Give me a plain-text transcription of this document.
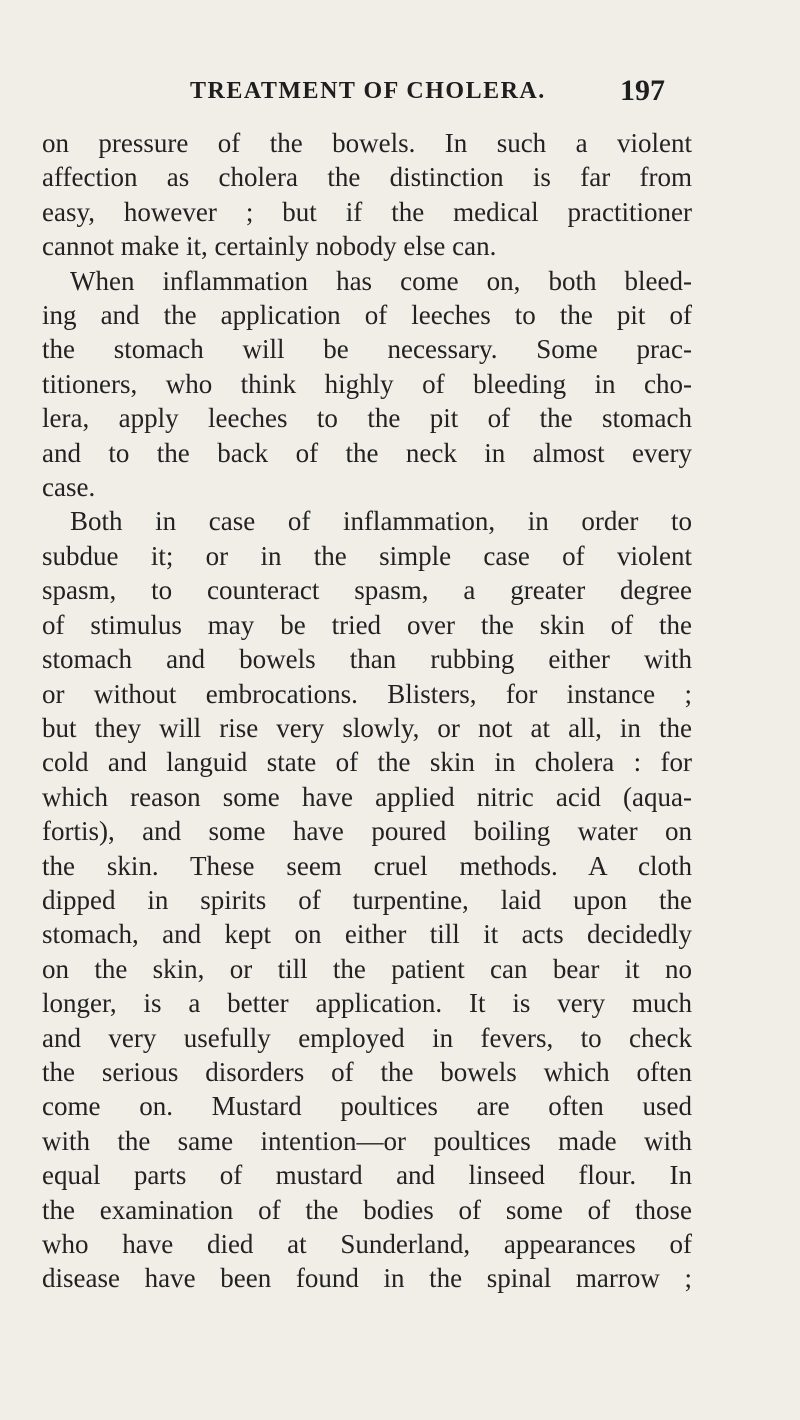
TREATMENT OF CHOLERA. 197
on pressure of the bowels. In such a violent
affection as cholera the distinction is far from
easy, however ; but if the medical practitioner
cannot make it, certainly nobody else can.
When inflammation has come on, both bleed-
ing and the application of leeches to the pit of
the stomach will be necessary. Some prac-
titioners, who think highly of bleeding in cho-
lera, apply leeches to the pit of the stomach
and to the back of the neck in almost every
case.
Both in case of inflammation, in order to
subdue it; or in the simple case of violent
spasm, to counteract spasm, a greater degree
of stimulus may be tried over the skin of the
stomach and bowels than rubbing either with
or without embrocations. Blisters, for instance ;
but they will rise very slowly, or not at all, in the
cold and languid state of the skin in cholera : for
which reason some have applied nitric acid (aqua-
fortis), and some have poured boiling water on
the skin. These seem cruel methods. A cloth
dipped in spirits of turpentine, laid upon the
stomach, and kept on either till it acts decidedly
on the skin, or till the patient can bear it no
longer, is a better application. It is very much
and very usefully employed in fevers, to check
the serious disorders of the bowels which often
come on. Mustard poultices are often used
with the same intention—or poultices made with
equal parts of mustard and linseed flour. In
the examination of the bodies of some of those
who have died at Sunderland, appearances of
disease have been found in the spinal marrow ;
